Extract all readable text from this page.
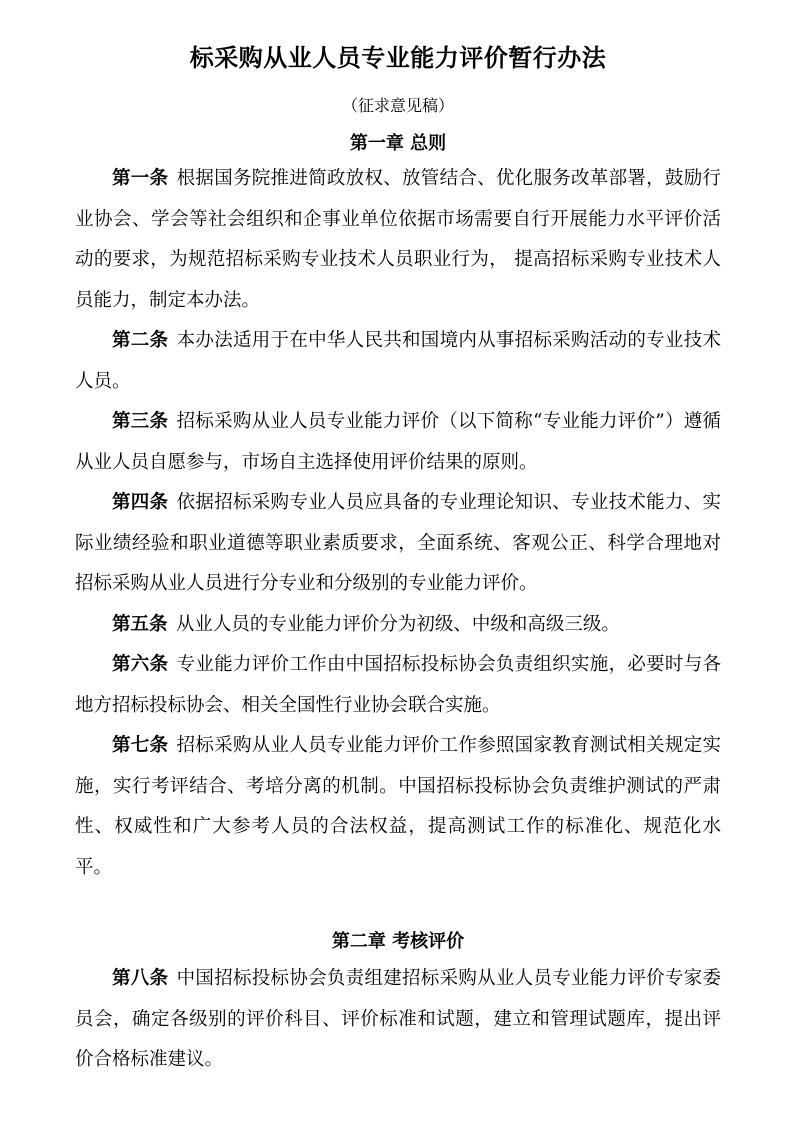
标采购从业人员专业能力评价暂行办法
（征求意见稿）
第一章 总则

第一条 根据国务院推进简政放权、放管结合、优化服务改革部署，鼓励行业协会、学会等社会组织和企事业单位依据市场需要自行开展能力水平评价活动的要求，为规范招标采购专业技术人员职业行为， 提高招标采购专业技术人员能力，制定本办法。

第二条 本办法适用于在中华人民共和国境内从事招标采购活动的专业技术人员。

第三条 招标采购从业人员专业能力评价（以下简称“专业能力评价”）遵循从业人员自愿参与，市场自主选择使用评价结果的原则。

第四条 依据招标采购专业人员应具备的专业理论知识、专业技术能力、实际业绩经验和职业道德等职业素质要求，全面系统、客观公正、科学合理地对招标采购从业人员进行分专业和分级别的专业能力评价。

第五条 从业人员的专业能力评价分为初级、中级和高级三级。

第六条 专业能力评价工作由中国招标投标协会负责组织实施，必要时与各地方招标投标协会、相关全国性行业协会联合实施。

第七条 招标采购从业人员专业能力评价工作参照国家教育测试相关规定实施，实行考评结合、考培分离的机制。中国招标投标协会负责维护测试的严肃性、权威性和广大参考人员的合法权益，提高测试工作的标准化、规范化水平。

第二章 考核评价

第八条 中国招标投标协会负责组建招标采购从业人员专业能力评价专家委员会，确定各级别的评价科目、评价标准和试题，建立和管理试题库，提出评价合格标准建议。
